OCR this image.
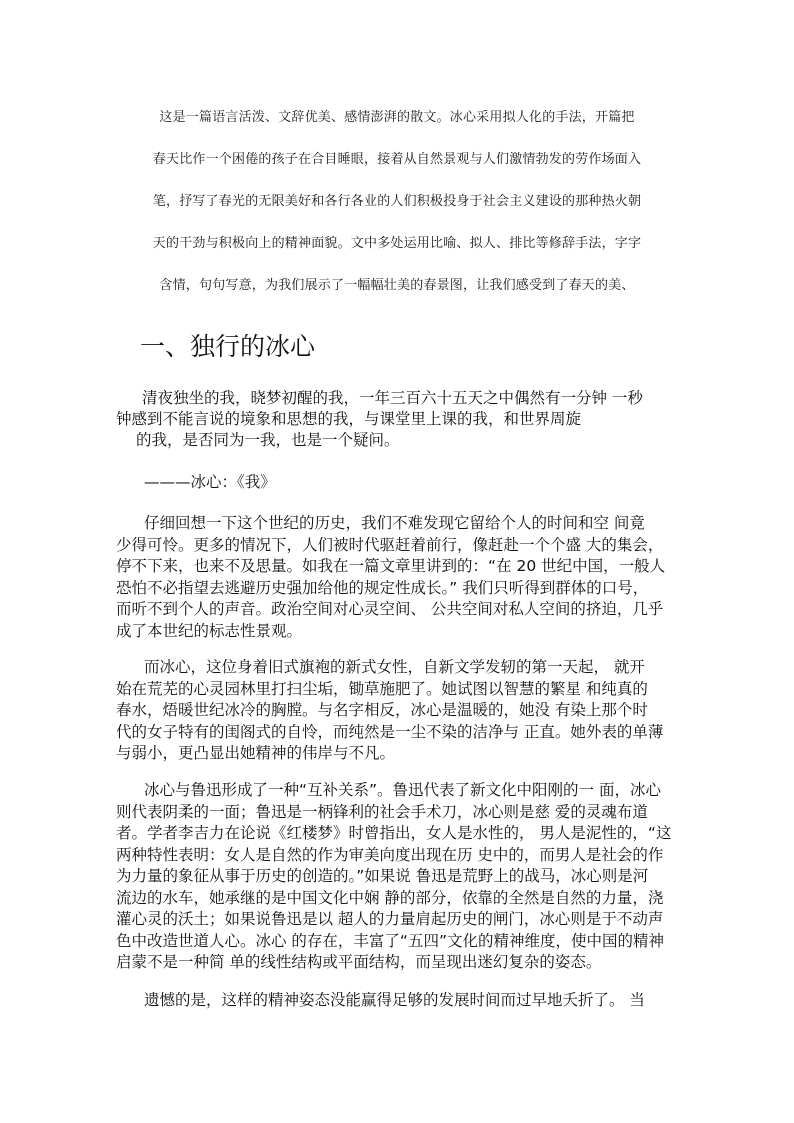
这是一篇语言活泼、文辞优美、感情澎湃的散文。冰心采用拟人化的手法，开篇把
春天比作一个困倦的孩子在合目睡眼，接着从自然景观与人们激情勃发的劳作场面入
笔，抒写了春光的无限美好和各行各业的人们积极投身于社会主义建设的那种热火朝
天的干劲与积极向上的精神面貌。文中多处运用比喻、拟人、排比等修辞手法，字字
含情，句句写意，为我们展示了一幅幅壮美的春景图，让我们感受到了春天的美、
一、独行的冰心
清夜独坐的我，晓梦初醒的我，一年三百六十五天之中偶然有一分钟 一秒
钟感到不能言说的境象和思想的我，与课堂里上课的我，和世界周旋
的我，是否同为一我，也是一个疑问。
———冰心：《我》
仔细回想一下这个世纪的历史，我们不难发现它留给个人的时间和空 间竟
少得可怜。更多的情况下，人们被时代驱赶着前行，像赶赴一个个盛 大的集会，
停不下来，也来不及思量。如我在一篇文章里讲到的：“在 20 世纪中国，一般人
恐怕不必指望去逃避历史强加给他的规定性成长。” 我们只听得到群体的口号，
而听不到个人的声音。政治空间对心灵空间、 公共空间对私人空间的挤迫，几乎
成了本世纪的标志性景观。
而冰心，这位身着旧式旗袍的新式女性，自新文学发轫的第一天起， 就开
始在荒芜的心灵园林里打扫尘垢，锄草施肥了。她试图以智慧的繁星 和纯真的
春水，焐暖世纪冰冷的胸膛。与名字相反，冰心是温暖的，她没 有染上那个时
代的女子特有的闺阁式的自怜，而纯然是一尘不染的洁净与 正直。她外表的单薄
与弱小，更凸显出她精神的伟岸与不凡。
冰心与鲁迅形成了一种“互补关系”。鲁迅代表了新文化中阳刚的一 面，冰心
则代表阴柔的一面；鲁迅是一柄锋利的社会手术刀，冰心则是慈 爱的灵魂布道
者。学者李吉力在论说《红楼梦》时曾指出，女人是水性的， 男人是泥性的，“这
两种特性表明：女人是自然的作为审美向度出现在历 史中的，而男人是社会的作
为力量的象征从事于历史的创造的。”如果说 鲁迅是荒野上的战马，冰心则是河
流边的水车，她承继的是中国文化中娴 静的部分，依靠的全然是自然的力量，浇
灌心灵的沃土；如果说鲁迅是以 超人的力量肩起历史的闸门，冰心则是于不动声
色中改造世道人心。冰心 的存在，丰富了“五四”文化的精神维度，使中国的精神
启蒙不是一种简 单的线性结构或平面结构，而呈现出迷幻复杂的姿态。
遗憾的是，这样的精神姿态没能赢得足够的发展时间而过早地夭折了。 当
